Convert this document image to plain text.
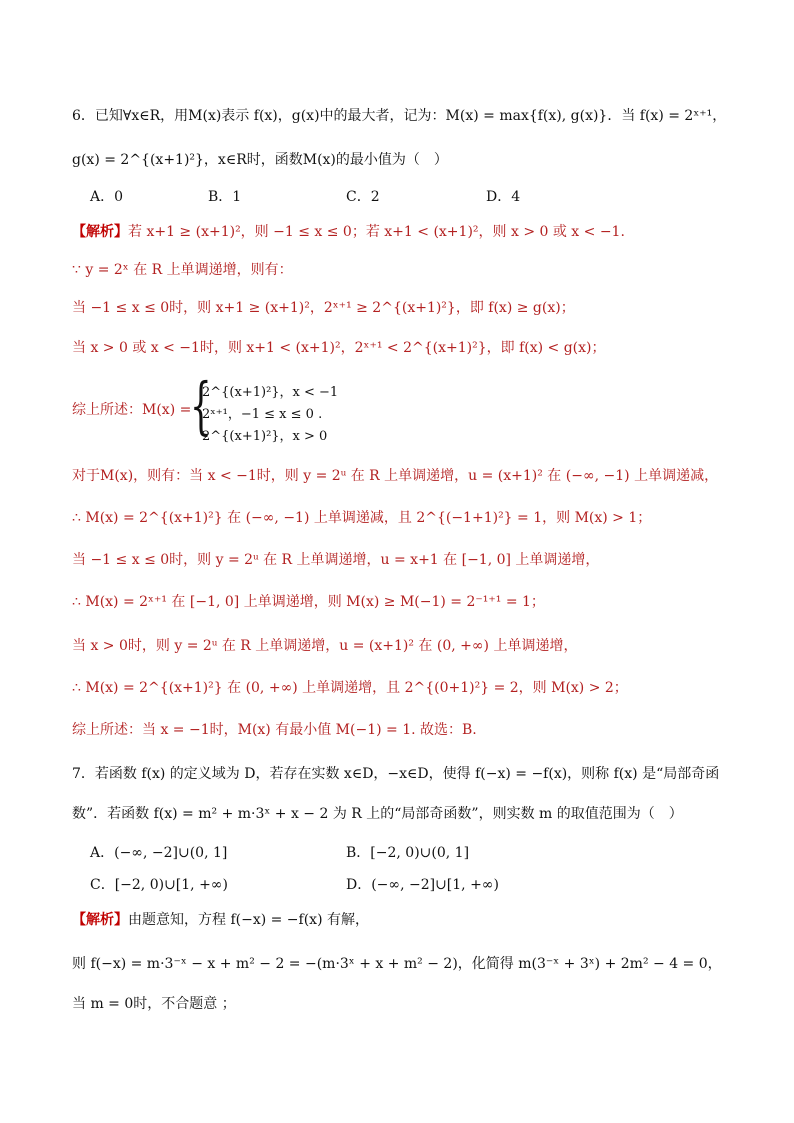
6．已知∀x∈R，用M(x)表示 f(x)，g(x)中的最大者，记为：M(x) = max{f(x), g(x)}．当 f(x) = 2ˣ⁺¹，
g(x) = 2^{(x+1)²}，x∈R时，函数M(x)的最小值为（　）
A．0	B．1	C．2	D．4
【解析】若 x+1 ≥ (x+1)²，则 −1 ≤ x ≤ 0；若 x+1 < (x+1)²，则 x > 0 或 x < −1.
∵ y = 2ˣ 在 R 上单调递增，则有：
当 −1 ≤ x ≤ 0时，则 x+1 ≥ (x+1)²，2ˣ⁺¹ ≥ 2^{(x+1)²}，即 f(x) ≥ g(x)；
当 x > 0 或 x < −1时，则 x+1 < (x+1)²，2ˣ⁺¹ < 2^{(x+1)²}，即 f(x) < g(x)；
综上所述：M(x) =
{
2^{(x+1)²}，x < −1
2ˣ⁺¹，−1 ≤ x ≤ 0 .
2^{(x+1)²}，x > 0
对于M(x)，则有：当 x < −1时，则 y = 2ᵘ 在 R 上单调递增，u = (x+1)² 在 (−∞, −1) 上单调递减，
∴ M(x) = 2^{(x+1)²} 在 (−∞, −1) 上单调递减，且 2^{(−1+1)²} = 1，则 M(x) > 1；
当 −1 ≤ x ≤ 0时，则 y = 2ᵘ 在 R 上单调递增，u = x+1 在 [−1, 0] 上单调递增，
∴ M(x) = 2ˣ⁺¹ 在 [−1, 0] 上单调递增，则 M(x) ≥ M(−1) = 2⁻¹⁺¹ = 1；
当 x > 0时，则 y = 2ᵘ 在 R 上单调递增，u = (x+1)² 在 (0, +∞) 上单调递增，
∴ M(x) = 2^{(x+1)²} 在 (0, +∞) 上单调递增，且 2^{(0+1)²} = 2，则 M(x) > 2；
综上所述：当 x = −1时，M(x) 有最小值 M(−1) = 1. 故选：B.
7．若函数 f(x) 的定义域为 D，若存在实数 x∈D，−x∈D，使得 f(−x) = −f(x)，则称 f(x) 是“局部奇函
数”．若函数 f(x) = m² + m·3ˣ + x − 2 为 R 上的“局部奇函数”，则实数 m 的取值范围为（　）
A．(−∞, −2]∪(0, 1]	B．[−2, 0)∪(0, 1]
C．[−2, 0)∪[1, +∞)	D．(−∞, −2]∪[1, +∞)
【解析】由题意知，方程 f(−x) = −f(x) 有解，
则 f(−x) = m·3⁻ˣ − x + m² − 2 = −(m·3ˣ + x + m² − 2)，化简得 m(3⁻ˣ + 3ˣ) + 2m² − 4 = 0，
当 m = 0时，不合题意 ；
